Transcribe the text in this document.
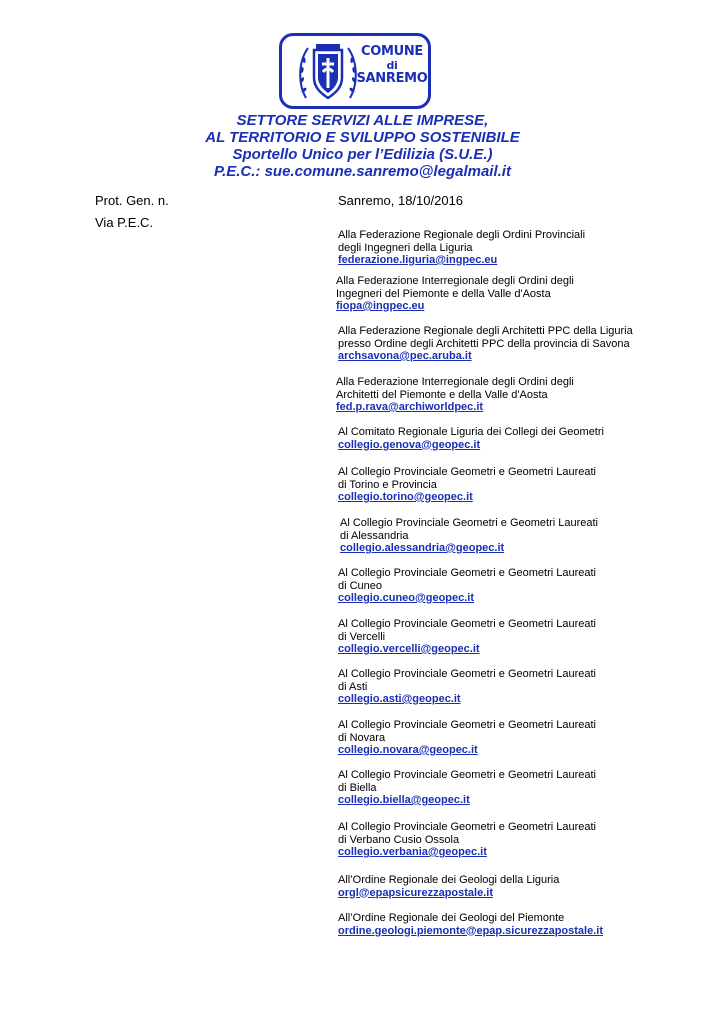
COMUNE
di
SANREMO
SETTORE SERVIZI ALLE IMPRESE,
AL TERRITORIO E SVILUPPO SOSTENIBILE
Sportello Unico per l’Edilizia (S.U.E.)
P.E.C.: sue.comune.sanremo@legalmail.it
Prot. Gen. n.
Via P.E.C.
Sanremo, 18/10/2016
Alla Federazione Regionale degli Ordini Provinciali
degli Ingegneri della Liguria
federazione.liguria@ingpec.eu
Alla Federazione Interregionale degli Ordini degli
Ingegneri del Piemonte e della Valle d'Aosta
fiopa@ingpec.eu
Alla Federazione Regionale degli Architetti PPC della Liguria
presso Ordine degli Architetti PPC della provincia di Savona
archsavona@pec.aruba.it
Alla Federazione Interregionale degli Ordini degli
Architetti del Piemonte e della Valle d'Aosta
fed.p.rava@archiworldpec.it
Al Comitato Regionale Liguria dei Collegi dei Geometri
collegio.genova@geopec.it
Al Collegio Provinciale Geometri e Geometri Laureati
di Torino e Provincia
collegio.torino@geopec.it
Al Collegio Provinciale Geometri e Geometri Laureati
di Alessandria
collegio.alessandria@geopec.it
Al Collegio Provinciale Geometri e Geometri Laureati
di Cuneo
collegio.cuneo@geopec.it
Al Collegio Provinciale Geometri e Geometri Laureati
di Vercelli
collegio.vercelli@geopec.it
Al Collegio Provinciale Geometri e Geometri Laureati
di Asti
collegio.asti@geopec.it
Al Collegio Provinciale Geometri e Geometri Laureati
di Novara
collegio.novara@geopec.it
Al Collegio Provinciale Geometri e Geometri Laureati
di Biella
collegio.biella@geopec.it
Al Collegio Provinciale Geometri e Geometri Laureati
di Verbano Cusio Ossola
collegio.verbania@geopec.it
All’Ordine Regionale dei Geologi della Liguria
orgl@epapsicurezzapostale.it
All’Ordine Regionale dei Geologi del Piemonte
ordine.geologi.piemonte@epap.sicurezzapostale.it
